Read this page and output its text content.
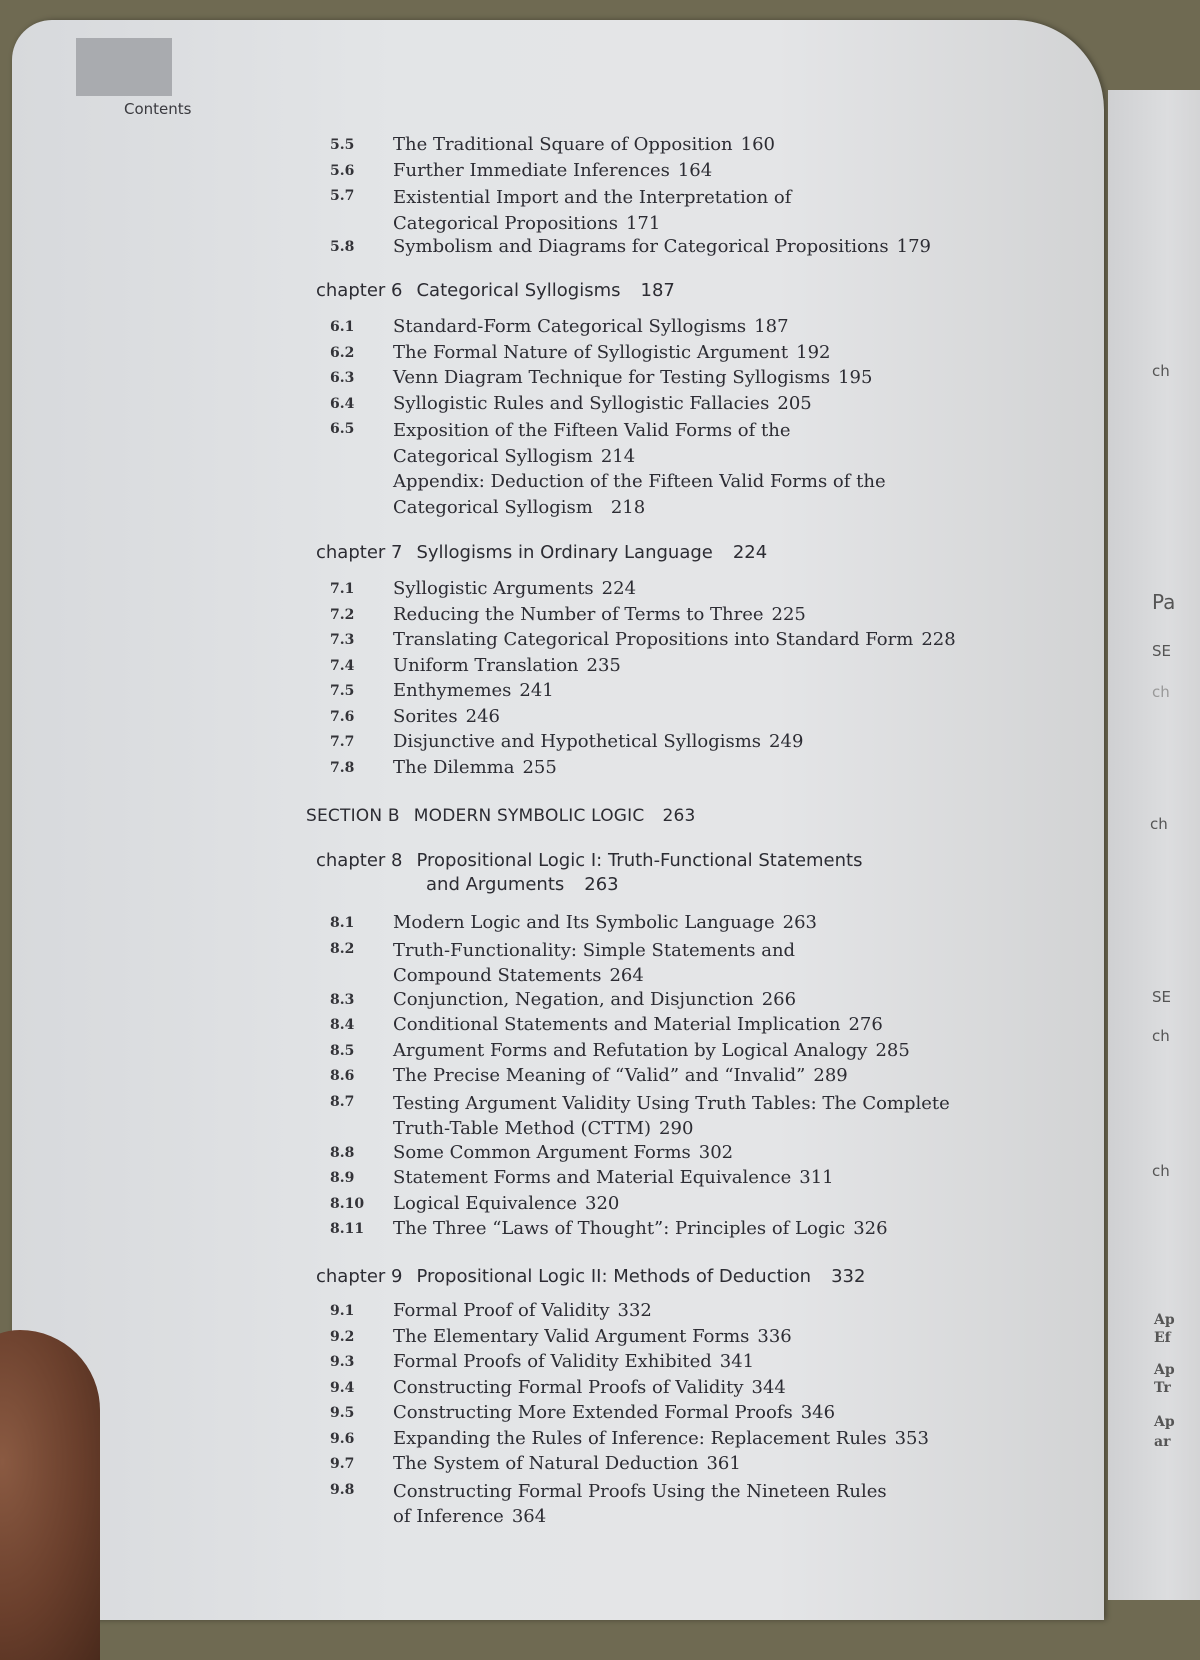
Contents
5.5 The Traditional Square of Opposition 160
5.6 Further Immediate Inferences 164
5.7 Existential Import and the Interpretation of
Categorical Propositions 171
5.8 Symbolism and Diagrams for Categorical Propositions 179
chapter 6 Categorical Syllogisms 187
6.1 Standard-Form Categorical Syllogisms 187
6.2 The Formal Nature of Syllogistic Argument 192
6.3 Venn Diagram Technique for Testing Syllogisms 195
6.4 Syllogistic Rules and Syllogistic Fallacies 205
6.5 Exposition of the Fifteen Valid Forms of the
Categorical Syllogism 214
Appendix: Deduction of the Fifteen Valid Forms of the
Categorical Syllogism 218
chapter 7 Syllogisms in Ordinary Language 224
7.1 Syllogistic Arguments 224
7.2 Reducing the Number of Terms to Three 225
7.3 Translating Categorical Propositions into Standard Form 228
7.4 Uniform Translation 235
7.5 Enthymemes 241
7.6 Sorites 246
7.7 Disjunctive and Hypothetical Syllogisms 249
7.8 The Dilemma 255
SECTION B MODERN SYMBOLIC LOGIC 263
chapter 8 Propositional Logic I: Truth-Functional Statements
and Arguments 263
8.1 Modern Logic and Its Symbolic Language 263
8.2 Truth-Functionality: Simple Statements and
Compound Statements 264
8.3 Conjunction, Negation, and Disjunction 266
8.4 Conditional Statements and Material Implication 276
8.5 Argument Forms and Refutation by Logical Analogy 285
8.6 The Precise Meaning of “Valid” and “Invalid” 289
8.7 Testing Argument Validity Using Truth Tables: The Complete
Truth-Table Method (CTTM) 290
8.8 Some Common Argument Forms 302
8.9 Statement Forms and Material Equivalence 311
8.10 Logical Equivalence 320
8.11 The Three “Laws of Thought”: Principles of Logic 326
chapter 9 Propositional Logic II: Methods of Deduction 332
9.1 Formal Proof of Validity 332
9.2 The Elementary Valid Argument Forms 336
9.3 Formal Proofs of Validity Exhibited 341
9.4 Constructing Formal Proofs of Validity 344
9.5 Constructing More Extended Formal Proofs 346
9.6 Expanding the Rules of Inference: Replacement Rules 353
9.7 The System of Natural Deduction 361
9.8 Constructing Formal Proofs Using the Nineteen Rules
of Inference 364
ch
Pa
SE
ch
ch
SE
ch
ch
Ap
Ef
Ap
Tr
Ap
ar
